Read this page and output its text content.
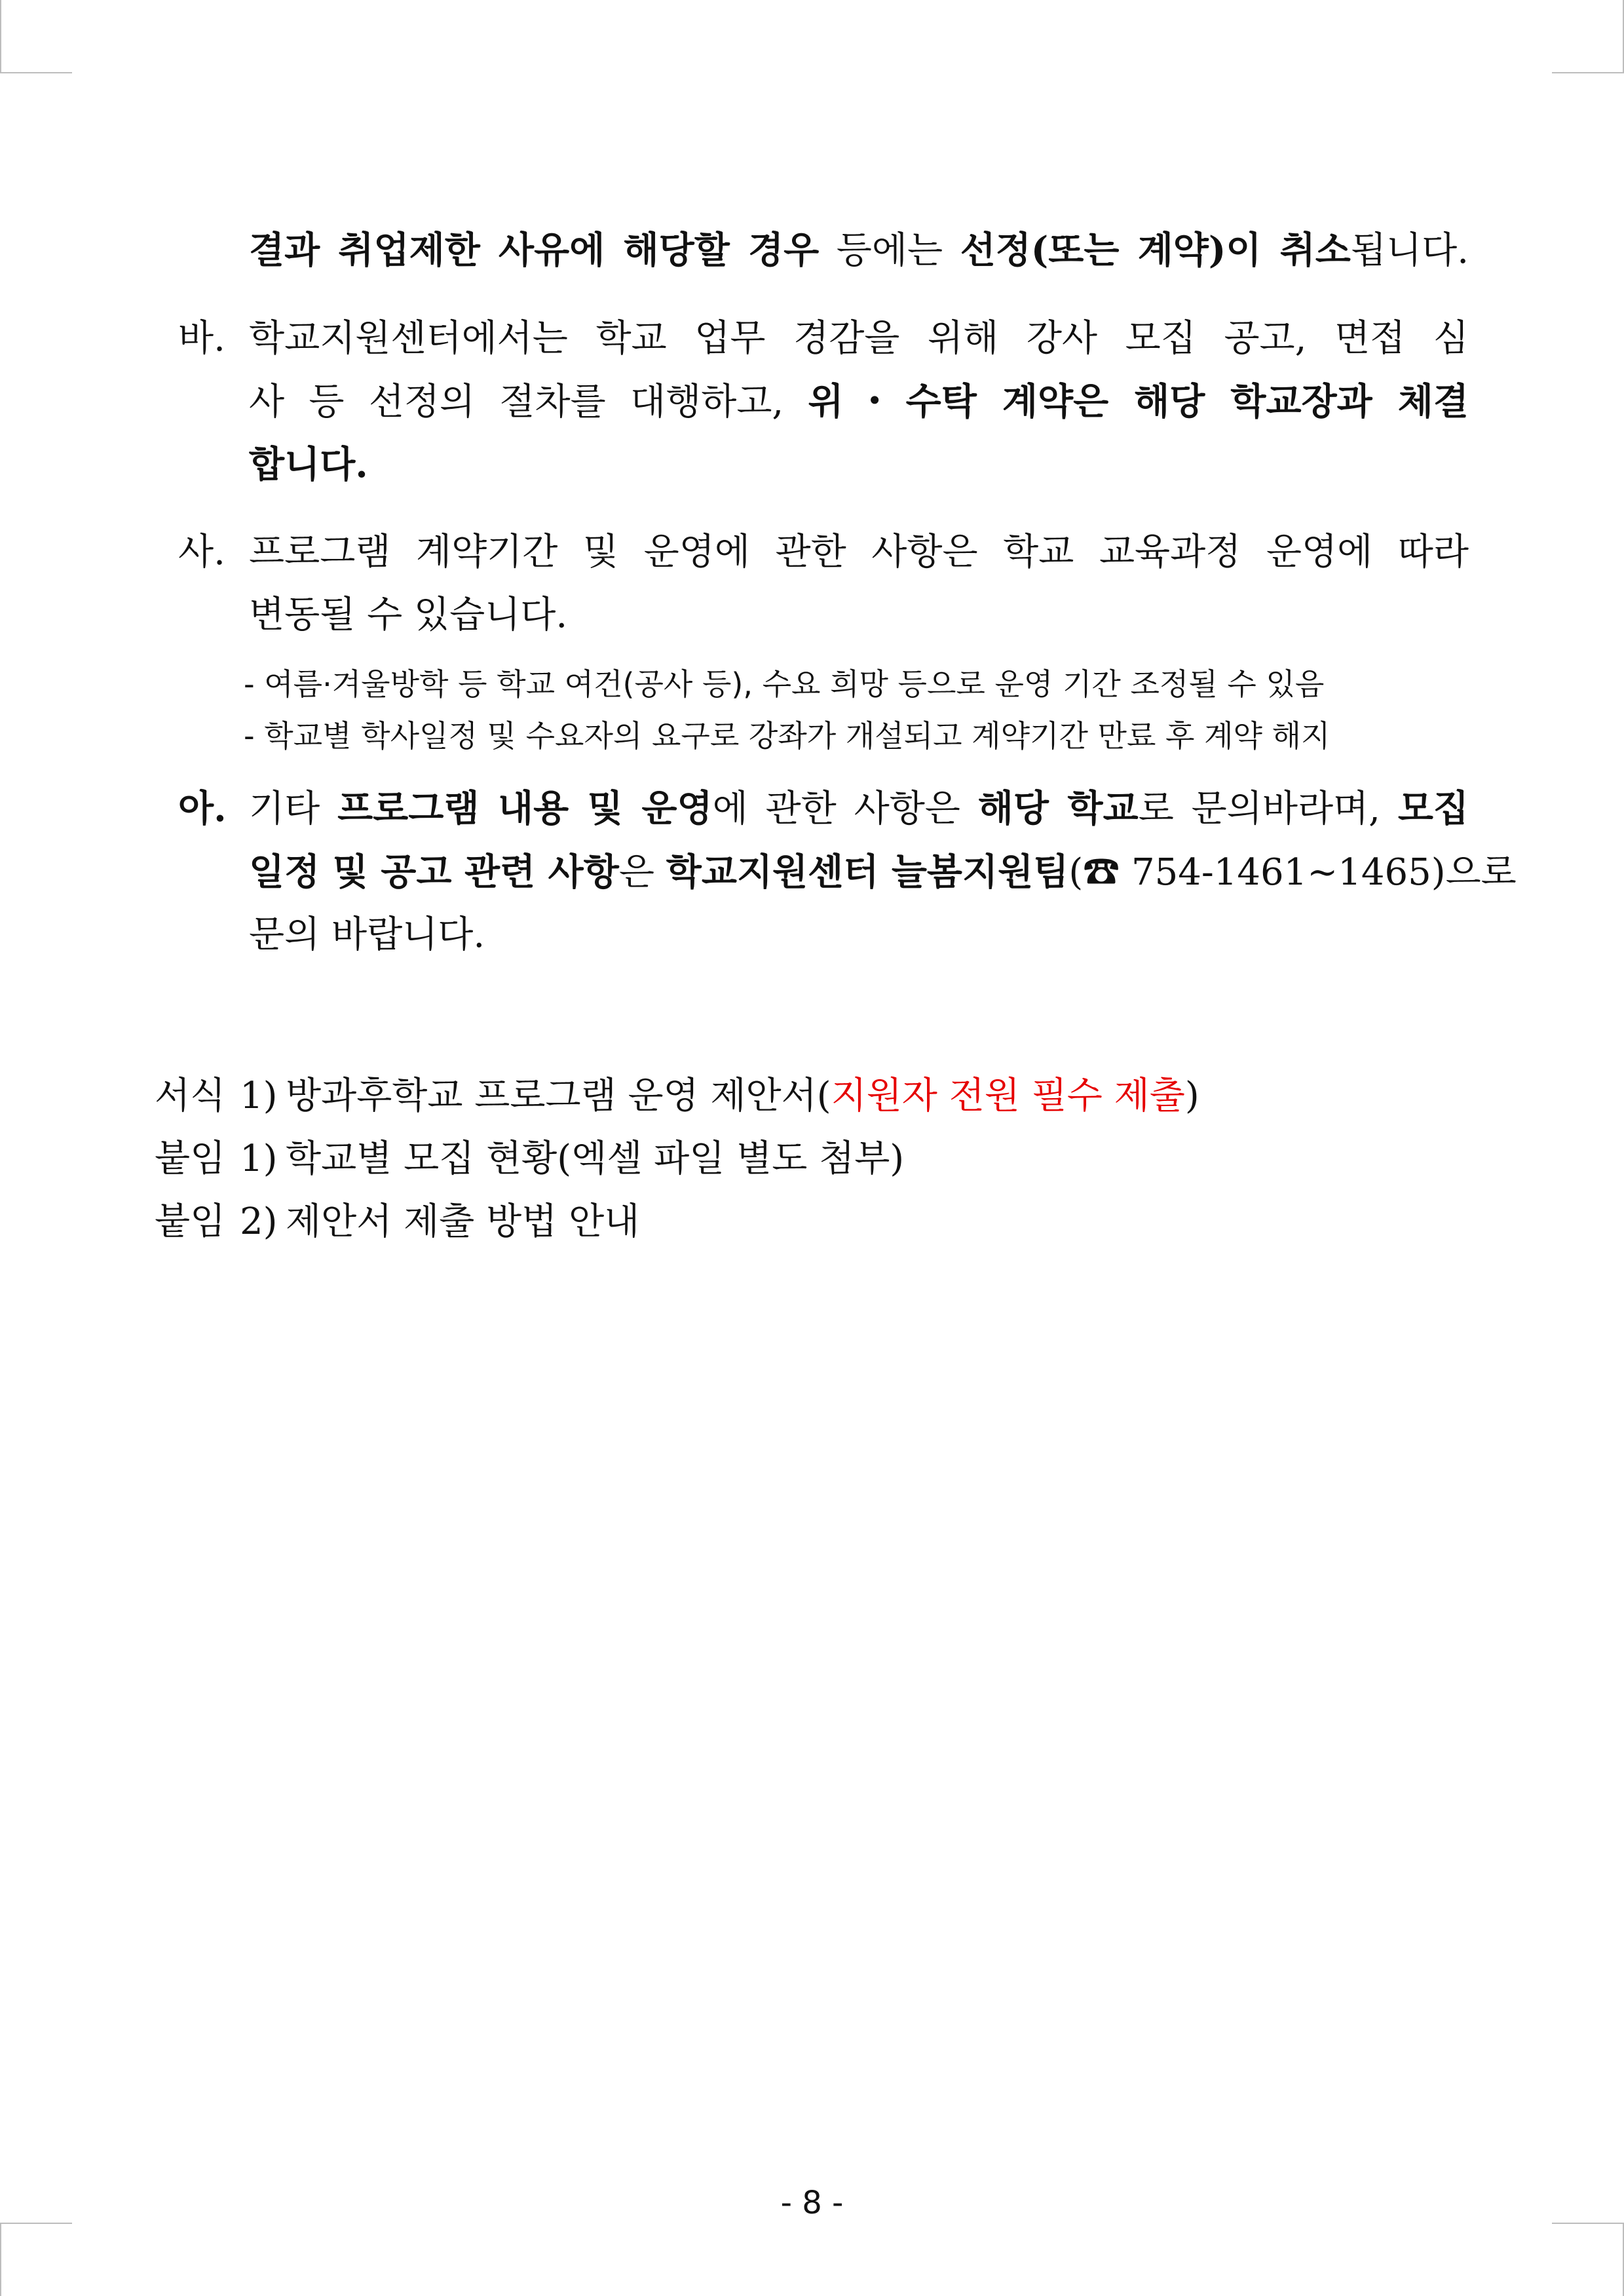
결과 취업제한 사유에 해당할 경우 등에는 선정(또는 계약)이 취소됩니다.
바. 학교지원센터에서는 학교 업무 경감을 위해 강사 모집 공고, 면접 심
사 등 선정의 절차를 대행하고, 위・수탁 계약은 해당 학교장과 체결
합니다.
사. 프로그램 계약기간 및 운영에 관한 사항은 학교 교육과정 운영에 따라
변동될 수 있습니다.
- 여름·겨울방학 등 학교 여건(공사 등), 수요 희망 등으로 운영 기간 조정될 수 있음
- 학교별 학사일정 및 수요자의 요구로 강좌가 개설되고 계약기간 만료 후 계약 해지
아. 기타 프로그램 내용 및 운영에 관한 사항은 해당 학교로 문의바라며, 모집
일정 및 공고 관련 사항은 학교지원센터 늘봄지원팀(☎ 754-1461~1465)으로
문의 바랍니다.
서식 1) 방과후학교 프로그램 운영 제안서(지원자 전원 필수 제출)
붙임 1) 학교별 모집 현황(엑셀 파일 별도 첨부)
붙임 2) 제안서 제출 방법 안내
- 8 -
